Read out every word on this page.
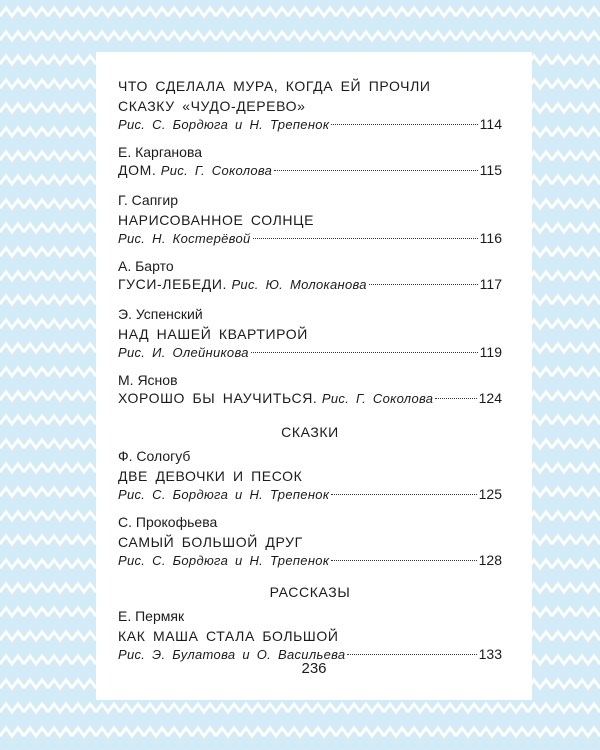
ЧТО СДЕЛАЛА МУРА, КОГДА ЕЙ ПРОЧЛИ
СКАЗКУ «ЧУДО-ДЕРЕВО»
Рис. С. Бордюга и Н. Трепенок	114
Е. Карганова
ДОМ.
Рис. Г. Соколова	115
Г. Сапгир
НАРИСОВАННОЕ СОЛНЦЕ
Рис. Н. Костерёвой	116
А. Барто
ГУСИ-ЛЕБЕДИ.
Рис. Ю. Молоканова	117
Э. Успенский
НАД НАШЕЙ КВАРТИРОЙ
Рис. И. Олейникова	119
М. Яснов
ХОРОШО БЫ НАУЧИТЬСЯ.
Рис. Г. Соколова	124
СКАЗКИ
Ф. Сологуб
ДВЕ ДЕВОЧКИ И ПЕСОК
Рис. С. Бордюга и Н. Трепенок	125
С. Прокофьева
САМЫЙ БОЛЬШОЙ ДРУГ
Рис. С. Бордюга и Н. Трепенок	128
РАССКАЗЫ
Е. Пермяк
КАК МАША СТАЛА БОЛЬШОЙ
Рис. Э. Булатова и О. Васильева	133
236
